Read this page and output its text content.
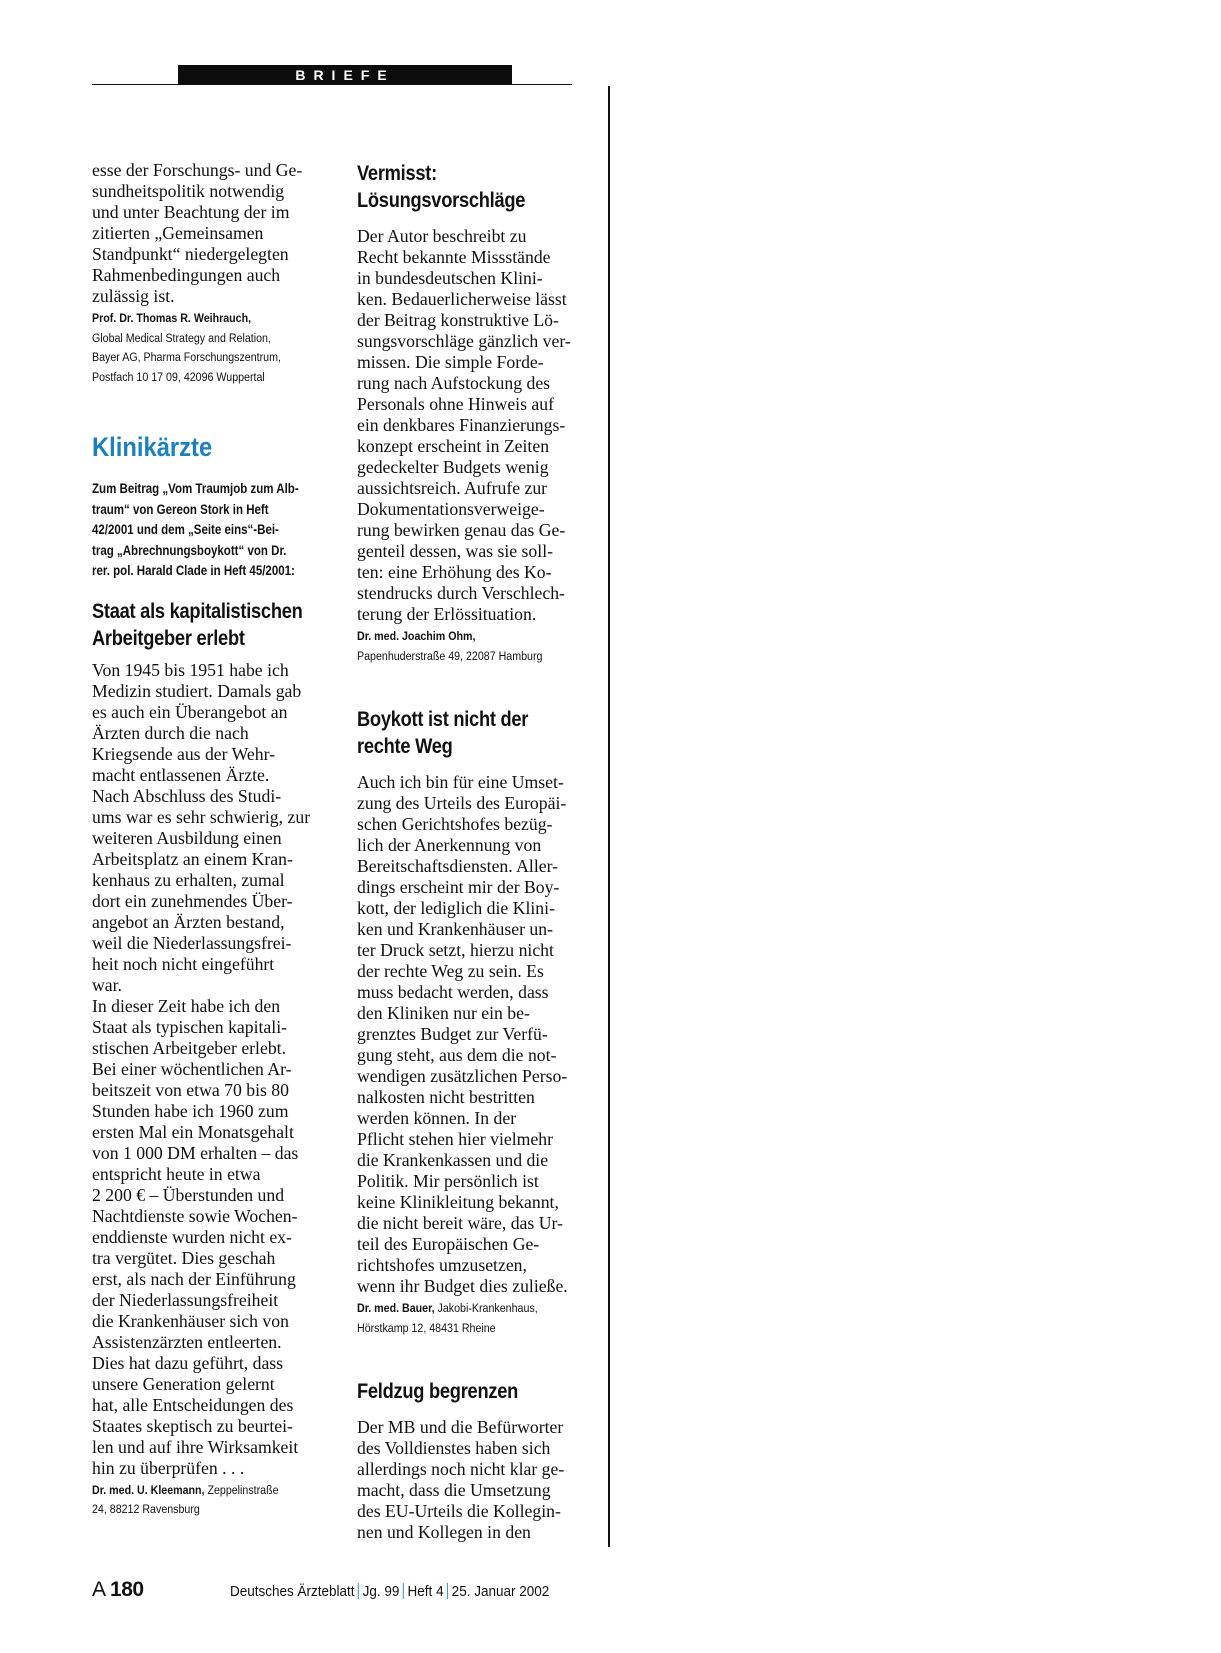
BRIEFE

esse der Forschungs- und Ge-
sundheitspolitik notwendig
und unter Beachtung der im
zitierten „Gemeinsamen
Standpunkt“ niedergelegten
Rahmenbedingungen auch
zulässig ist.

Prof. Dr. Thomas R. Weihrauch,
Global Medical Strategy and Relation,
Bayer AG, Pharma Forschungszentrum,
Postfach 10 17 09, 42096 Wuppertal
Klinikärzte

Zum Beitrag „Vom Traumjob zum Alb-
traum“ von Gereon Stork in Heft
42/2001 und dem „Seite eins“-Bei-
trag „Abrechnungsboykott“ von Dr.
rer. pol. Harald Clade in Heft 45/2001:

Staat als kapitalistischen
Arbeitgeber erlebt

Von 1945 bis 1951 habe ich
Medizin studiert. Damals gab
es auch ein Überangebot an
Ärzten durch die nach
Kriegsende aus der Wehr-
macht entlassenen Ärzte.
Nach Abschluss des Studi-
ums war es sehr schwierig, zur
weiteren Ausbildung einen
Arbeitsplatz an einem Kran-
kenhaus zu erhalten, zumal
dort ein zunehmendes Über-
angebot an Ärzten bestand,
weil die Niederlassungsfrei-
heit noch nicht eingeführt
war.
In dieser Zeit habe ich den
Staat als typischen kapitali-
stischen Arbeitgeber erlebt.
Bei einer wöchentlichen Ar-
beitszeit von etwa 70 bis 80
Stunden habe ich 1960 zum
ersten Mal ein Monatsgehalt
von 1 000 DM erhalten – das
entspricht heute in etwa
2 200 € – Überstunden und
Nachtdienste sowie Wochen-
enddienste wurden nicht ex-
tra vergütet. Dies geschah
erst, als nach der Einführung
der Niederlassungsfreiheit
die Krankenhäuser sich von
Assistenzärzten entleerten.
Dies hat dazu geführt, dass
unsere Generation gelernt
hat, alle Entscheidungen des
Staates skeptisch zu beurtei-
len und auf ihre Wirksamkeit
hin zu überprüfen . . .

Dr. med. U. Kleemann, Zeppelinstraße
24, 88212 Ravensburg
Vermisst:
Lösungsvorschläge

Der Autor beschreibt zu
Recht bekannte Missstände
in bundesdeutschen Klini-
ken. Bedauerlicherweise lässt
der Beitrag konstruktive Lö-
sungsvorschläge gänzlich ver-
missen. Die simple Forde-
rung nach Aufstockung des
Personals ohne Hinweis auf
ein denkbares Finanzierungs-
konzept erscheint in Zeiten
gedeckelter Budgets wenig
aussichtsreich. Aufrufe zur
Dokumentationsverweige-
rung bewirken genau das Ge-
genteil dessen, was sie soll-
ten: eine Erhöhung des Ko-
stendrucks durch Verschlech-
terung der Erlössituation.

Dr. med. Joachim Ohm,
Papenhuderstraße 49, 22087 Hamburg
Boykott ist nicht der
rechte Weg

Auch ich bin für eine Umset-
zung des Urteils des Europäi-
schen Gerichtshofes bezüg-
lich der Anerkennung von
Bereitschaftsdiensten. Aller-
dings erscheint mir der Boy-
kott, der lediglich die Klini-
ken und Krankenhäuser un-
ter Druck setzt, hierzu nicht
der rechte Weg zu sein. Es
muss bedacht werden, dass
den Kliniken nur ein be-
grenztes Budget zur Verfü-
gung steht, aus dem die not-
wendigen zusätzlichen Perso-
nalkosten nicht bestritten
werden können. In der
Pflicht stehen hier vielmehr
die Krankenkassen und die
Politik. Mir persönlich ist
keine Klinikleitung bekannt,
die nicht bereit wäre, das Ur-
teil des Europäischen Ge-
richtshofes umzusetzen,
wenn ihr Budget dies zuließe.

Dr. med. Bauer, Jakobi-Krankenhaus,
Hörstkamp 12, 48431 Rheine
Feldzug begrenzen

Der MB und die Befürworter
des Volldienstes haben sich
allerdings noch nicht klar ge-
macht, dass die Umsetzung
des EU-Urteils die Kollegin-
nen und Kollegen in den

A 180	Deutsches Ärzteblatt Jg. 99 Heft 4 25. Januar 2002
